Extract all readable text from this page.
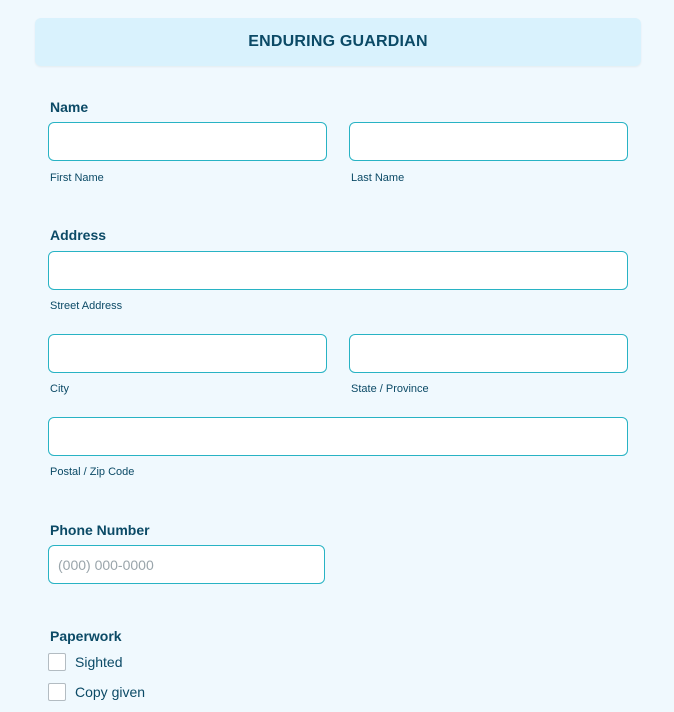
ENDURING GUARDIAN
Name
First Name	Last Name
Address
Street Address
City	State / Province
Postal / Zip Code
Phone Number
(000) 000-0000
Paperwork
Sighted
Copy given
